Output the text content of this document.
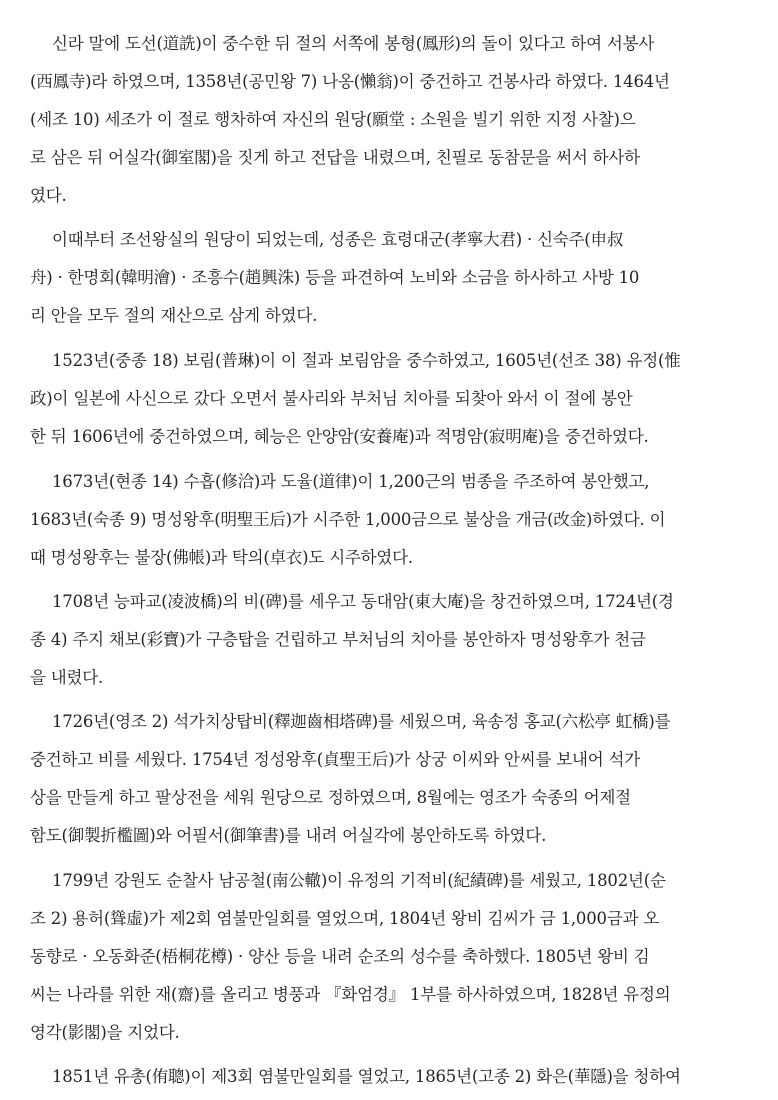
신라 말에 도선(道詵)이 중수한 뒤 절의 서쪽에 봉형(鳳形)의 돌이 있다고 하여 서봉사
(西鳳寺)라 하였으며, 1358년(공민왕 7) 나옹(懶翁)이 중건하고 건봉사라 하였다. 1464년
(세조 10) 세조가 이 절로 행차하여 자신의 원당(願堂 : 소원을 빌기 위한 지정 사찰)으
로 삼은 뒤 어실각(御室閣)을 짓게 하고 전답을 내렸으며, 친필로 동참문을 써서 하사하
였다.
이때부터 조선왕실의 원당이 되었는데, 성종은 효령대군(孝寧大君) · 신숙주(申叔
舟) · 한명회(韓明澮) · 조흥수(趙興洙) 등을 파견하여 노비와 소금을 하사하고 사방 10
리 안을 모두 절의 재산으로 삼게 하였다.
1523년(중종 18) 보림(普琳)이 이 절과 보림암을 중수하였고, 1605년(선조 38) 유정(惟
政)이 일본에 사신으로 갔다 오면서 불사리와 부처님 치아를 되찾아 와서 이 절에 봉안
한 뒤 1606년에 중건하였으며, 혜능은 안양암(安養庵)과 적명암(寂明庵)을 중건하였다.
1673년(현종 14) 수흡(修洽)과 도율(道律)이 1,200근의 범종을 주조하여 봉안했고,
1683년(숙종 9) 명성왕후(明聖王后)가 시주한 1,000금으로 불상을 개금(改金)하였다. 이
때 명성왕후는 불장(佛帳)과 탁의(卓衣)도 시주하였다.
1708년 능파교(凌波橋)의 비(碑)를 세우고 동대암(東大庵)을 창건하였으며, 1724년(경
종 4) 주지 채보(彩寶)가 구층탑을 건립하고 부처님의 치아를 봉안하자 명성왕후가 천금
을 내렸다.
1726년(영조 2) 석가치상탑비(釋迦齒相塔碑)를 세웠으며, 육송정 홍교(六松亭 虹橋)를
중건하고 비를 세웠다. 1754년 정성왕후(貞聖王后)가 상궁 이씨와 안씨를 보내어 석가
상을 만들게 하고 팔상전을 세워 원당으로 정하였으며, 8월에는 영조가 숙종의 어제절
함도(御製折檻圖)와 어필서(御筆書)를 내려 어실각에 봉안하도록 하였다.
1799년 강원도 순찰사 남공철(南公轍)이 유정의 기적비(紀績碑)를 세웠고, 1802년(순
조 2) 용허(聳虛)가 제2회 염불만일회를 열었으며, 1804년 왕비 김씨가 금 1,000금과 오
동향로 · 오동화준(梧桐花樽) · 양산 등을 내려 순조의 성수를 축하했다. 1805년 왕비 김
씨는 나라를 위한 재(齋)를 올리고 병풍과 『화엄경』 1부를 하사하였으며, 1828년 유정의
영각(影閣)을 지었다.
1851년 유총(侑聰)이 제3회 염불만일회를 열었고, 1865년(고종 2) 화은(華隱)을 청하여
